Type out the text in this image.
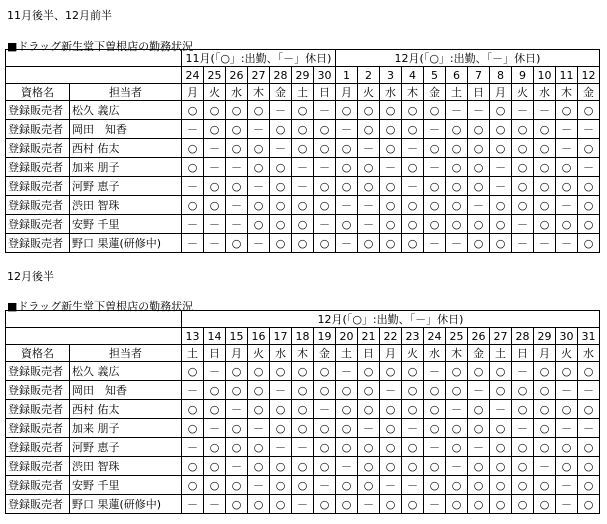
11月後半、12月前半
■ドラッグ新生堂下曽根店の勤務状況
		11月(「○」:出勤、「－」休日)							12月(「○」:出勤、「－」休日)											
		24	25	26	27	28	29	30	1	2	3	4	5	6	7	8	9	10	11	12
資格名	担当者	月	火	水	木	金	土	日	月	火	水	木	金	土	日	月	火	水	木	金
登録販売者	松久 義広	○	○	○	○	－	○	－	○	○	○	○	○	－	－	○	－	－	○	○
登録販売者	岡田　知香	－	○	○	－	○	○	○	－	○	○	○	－	○	○	○	○	○	－	－
登録販売者	西村 佑太	○	－	○	○	－	○	○	○	－	○	－	○	○	○	○	○	○	－	○
登録販売者	加来 朋子	○	－	－	○	○	－	－	○	○	－	○	－	○	○	－	○	○	○	－
登録販売者	河野 恵子	－	○	○	－	○	－	○	○	○	○	－	○	○	○	－	○	○	○	○
登録販売者	渋田 智珠	○	○	－	○	○	○	○	－	－	○	○	○	○	－	○	○	○	－	○
登録販売者	安野 千里	－	－	－	○	○	○	－	○	－	○	○	○	○	○	○	－	○	○	○
登録販売者	野口 果蓮(研修中)	－	－	○	－	○	○	○	－	○	○	○	－	－	○	○	－	－	－	○
12月後半
■ドラッグ新生堂下曽根店の勤務状況
		12月(「○」:出勤、「－」休日)																		
		13	14	15	16	17	18	19	20	21	22	23	24	25	26	27	28	29	30	31
資格名	担当者	土	日	月	火	水	木	金	土	日	月	火	水	木	金	土	日	月	火	水
登録販売者	松久 義広	○	－	○	○	○	○	○	－	○	○	○	－	○	○	○	－	○	○	○
登録販売者	岡田　知香	－	○	○	○	－	○	○	○	○	－	○	○	○	－	○	○	○	－	－
登録販売者	西村 佑太	○	○	－	○	○	○	－	○	○	○	○	○	－	○	－	○	○	○	○
登録販売者	加来 朋子	○	－	○	－	○	○	○	○	－	○	－	○	○	○	○	－	○	－	－
登録販売者	河野 恵子	－	○	○	○	－	－	○	○	○	○	○	－	○	－	○	○	○	○	○
登録販売者	渋田 智珠	○	○	－	○	○	○	○	－	○	○	○	○	－	○	○	○	－	○	○
登録販売者	安野 千里	○	○	○	－	○	○	－	○	○	－	－	○	○	○	○	○	○	－	○
登録販売者	野口 果蓮(研修中)	－	－	○	○	○	－	○	○	－	○	○	－	○	○	○	○	○	－	○
